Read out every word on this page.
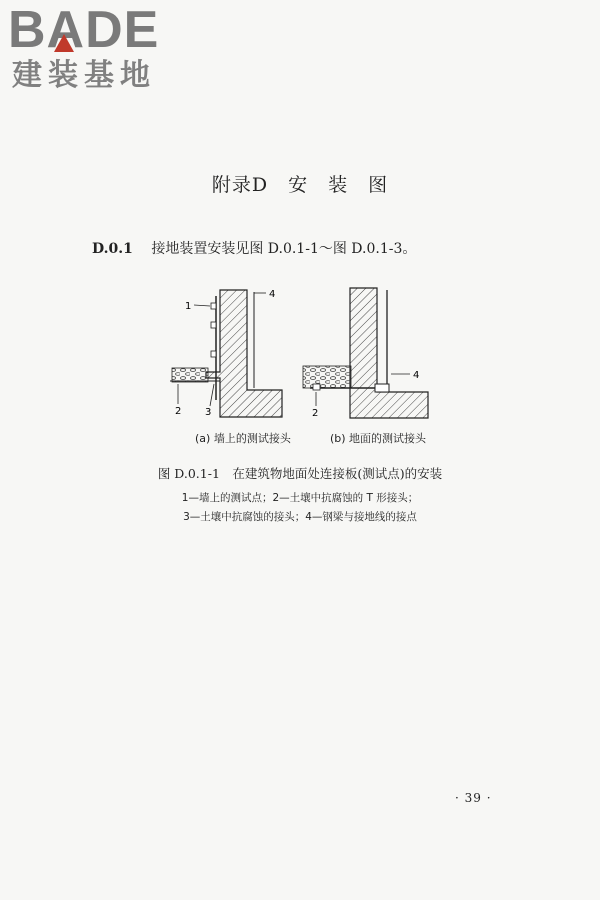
BADE
建装基地
附录D　安　装　图
D.0.1 接地装置安装见图 D.0.1-1～图 D.0.1-3。
1
2 3
4
4
2
(a) 墙上的测试接头	(b) 地面的测试接头
图 D.0.1-1　在建筑物地面处连接板(测试点)的安装
1—墙上的测试点；2—土壤中抗腐蚀的 T 形接头；
3—土壤中抗腐蚀的接头；4—钢梁与接地线的接点
· 39 ·
